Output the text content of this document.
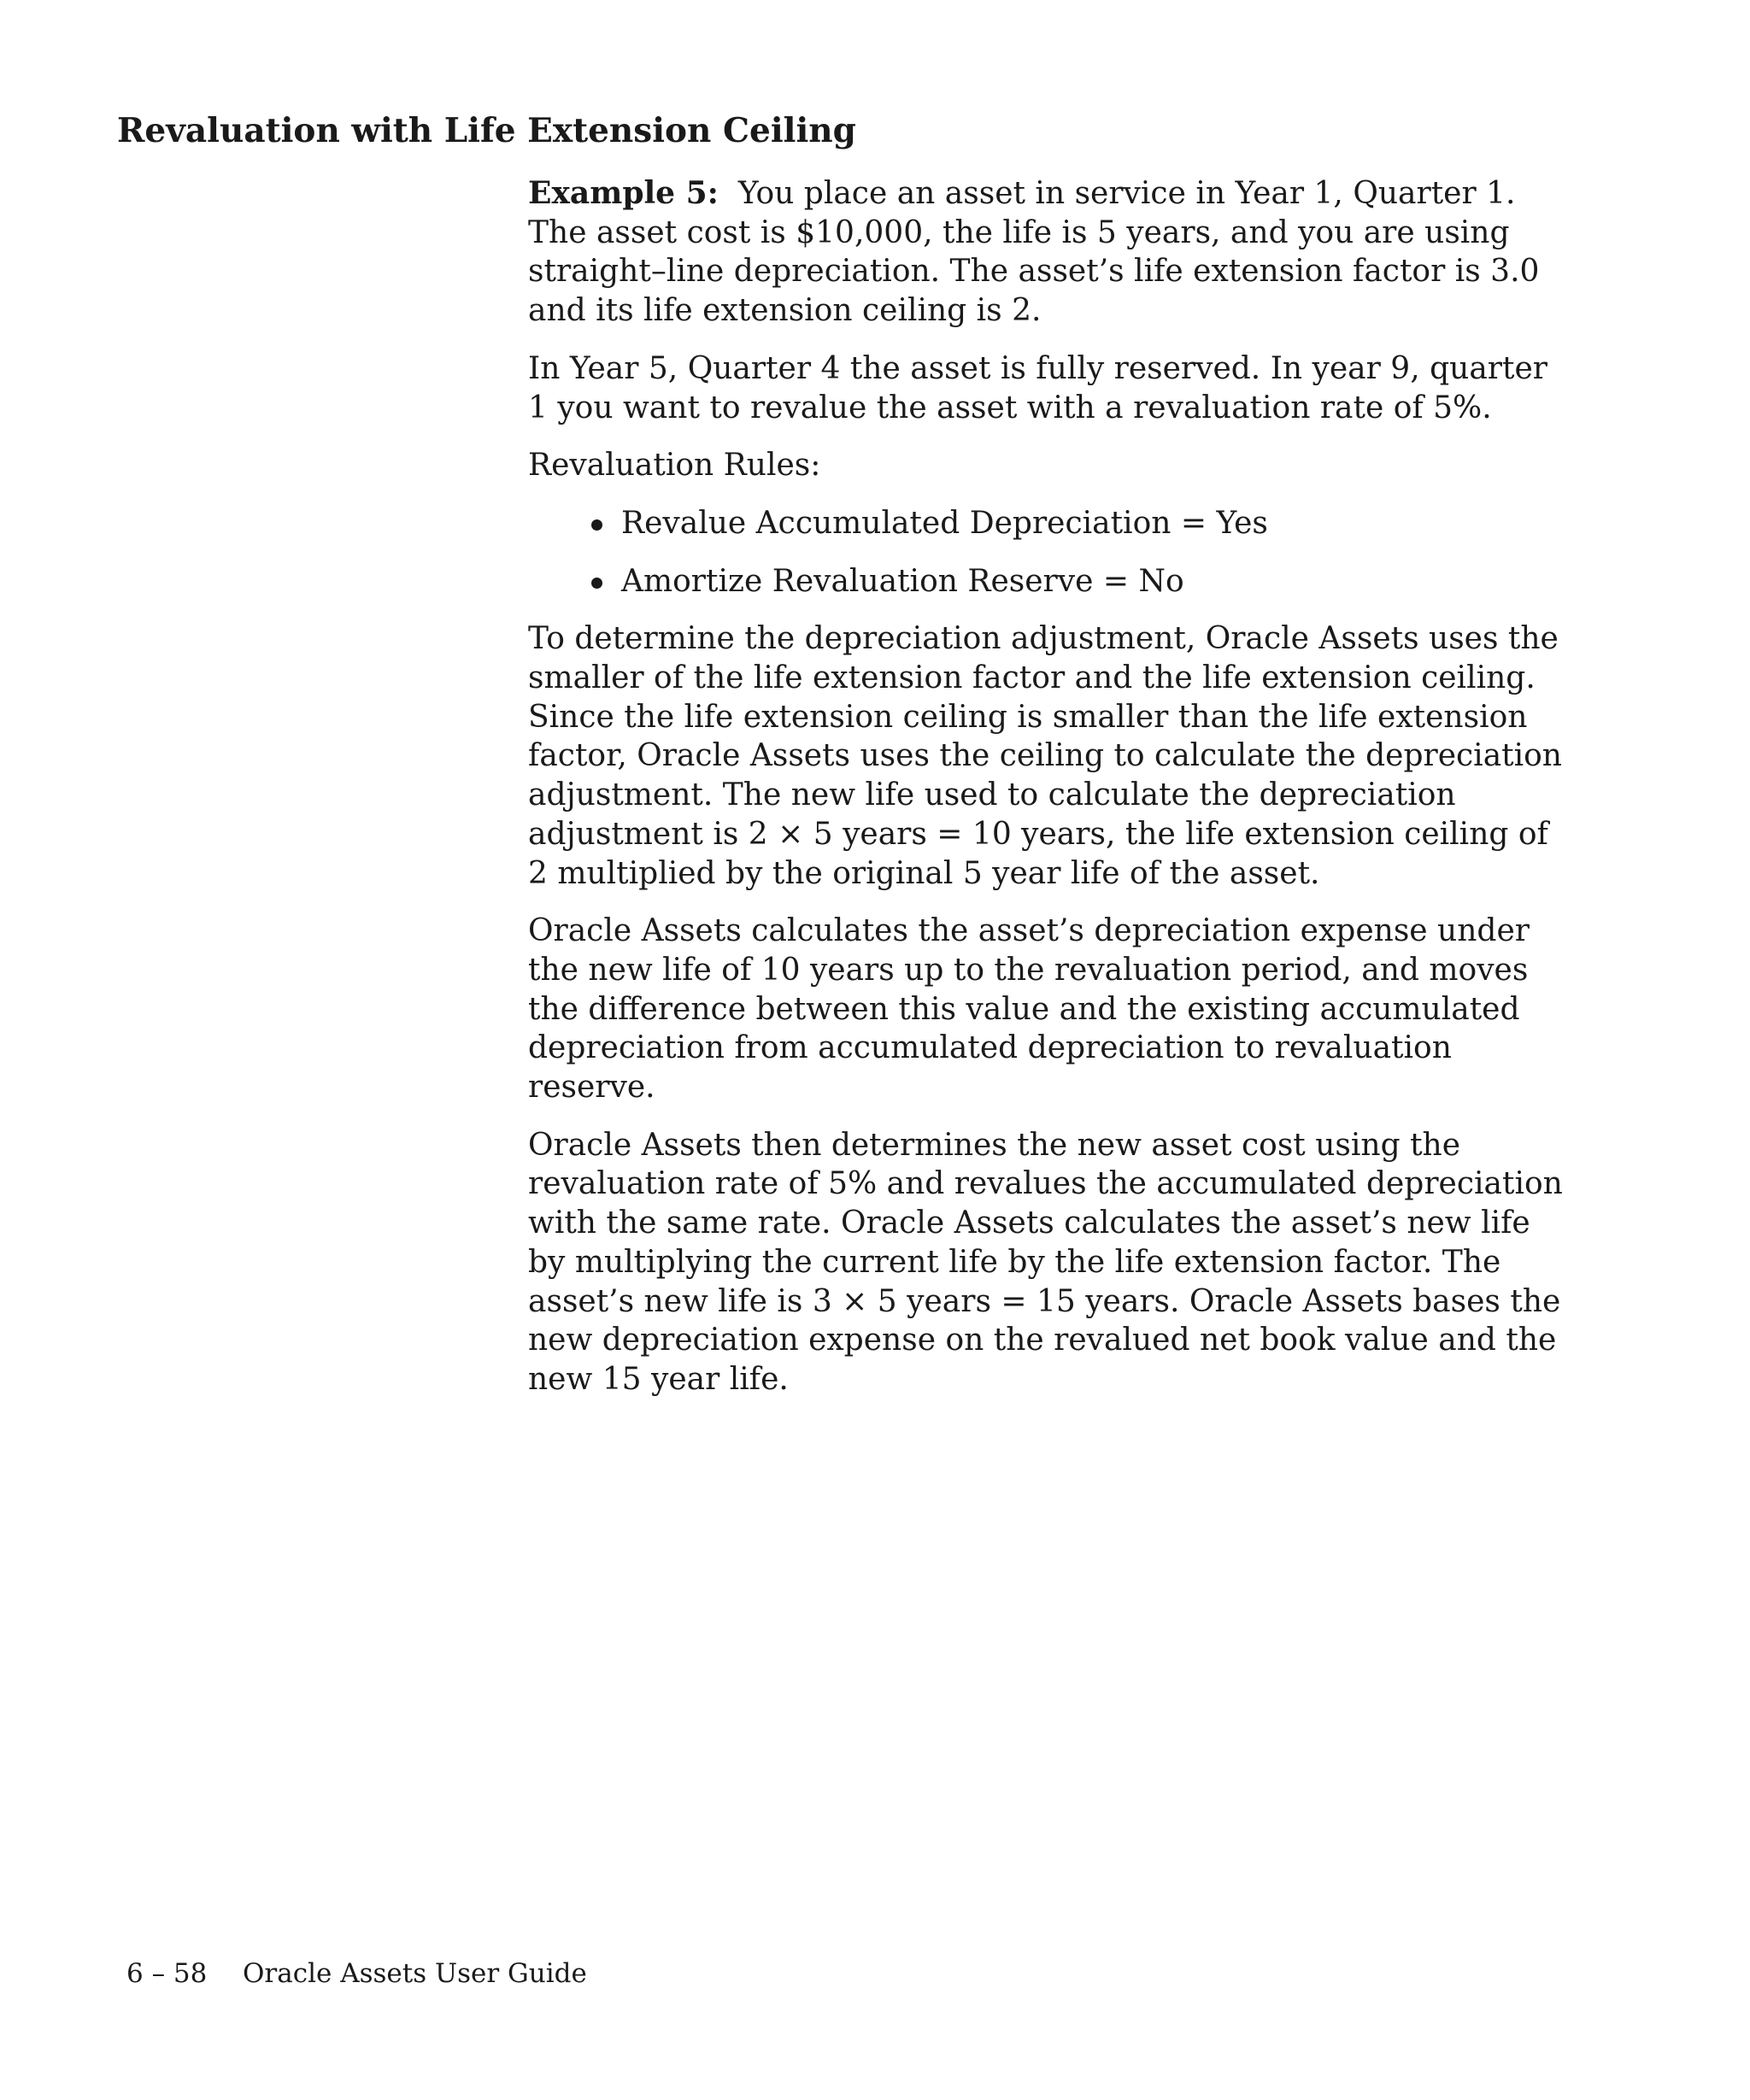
Revaluation with Life Extension Ceiling

Example 5: You place an asset in service in Year 1, Quarter 1. The asset cost is $10,000, the life is 5 years, and you are using straight–line depreciation. The asset’s life extension factor is 3.0 and its life extension ceiling is 2.

In Year 5, Quarter 4 the asset is fully reserved. In year 9, quarter 1 you want to revalue the asset with a revaluation rate of 5%.

Revaluation Rules:

Revalue Accumulated Depreciation = Yes
Amortize Revaluation Reserve = No

To determine the depreciation adjustment, Oracle Assets uses the smaller of the life extension factor and the life extension ceiling. Since the life extension ceiling is smaller than the life extension factor, Oracle Assets uses the ceiling to calculate the depreciation adjustment. The new life used to calculate the depreciation adjustment is 2 × 5 years = 10 years, the life extension ceiling of 2 multiplied by the original 5 year life of the asset.

Oracle Assets calculates the asset’s depreciation expense under the new life of 10 years up to the revaluation period, and moves the difference between this value and the existing accumulated depreciation from accumulated depreciation to revaluation reserve.

Oracle Assets then determines the new asset cost using the revaluation rate of 5% and revalues the accumulated depreciation with the same rate. Oracle Assets calculates the asset’s new life by multiplying the current life by the life extension factor. The asset’s new life is 3 × 5 years = 15 years. Oracle Assets bases the new depreciation expense on the revalued net book value and the new 15 year life.

6 – 58 Oracle Assets User Guide
